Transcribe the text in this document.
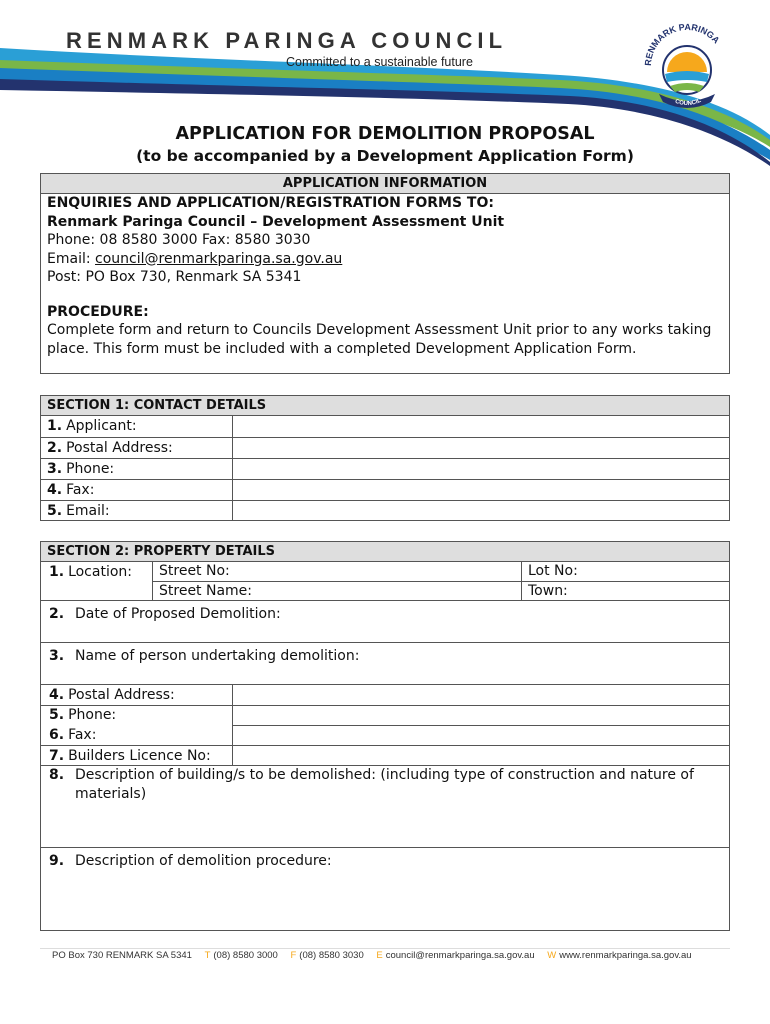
RENMARK PARINGA COUNCIL
Committed to a sustainable future	RENMARK PARINGA
COUNCIL
APPLICATION FOR DEMOLITION PROPOSAL
(to be accompanied by a Development Application Form)
APPLICATION INFORMATION
ENQUIRIES AND APPLICATION/REGISTRATION FORMS TO:
Renmark Paringa Council – Development Assessment Unit
Phone: 08 8580 3000 Fax: 8580 3030
Email: council@renmarkparinga.sa.gov.au
Post: PO Box 730, Renmark SA 5341
PROCEDURE:
Complete form and return to Councils Development Assessment Unit prior to any works taking place. This form must be included with a completed Development Application Form.
SECTION 1: CONTACT DETAILS
1. Applicant:
2. Postal Address:
3. Phone:
4. Fax:
5. Email:
SECTION 2: PROPERTY DETAILS
1. Location:	Street No:	Lot No:
Street Name:	Town:
2. Date of Proposed Demolition:
3. Name of person undertaking demolition:
4. Postal Address:
5. Phone:
6. Fax:
7. Builders Licence No:
8. Description of building/s to be demolished: (including type of construction and nature of materials)
9. Description of demolition procedure:
PO Box 730 RENMARK SA 5341 T (08) 8580 3000 F (08) 8580 3030 E council@renmarkparinga.sa.gov.au W www.renmarkparinga.sa.gov.au
